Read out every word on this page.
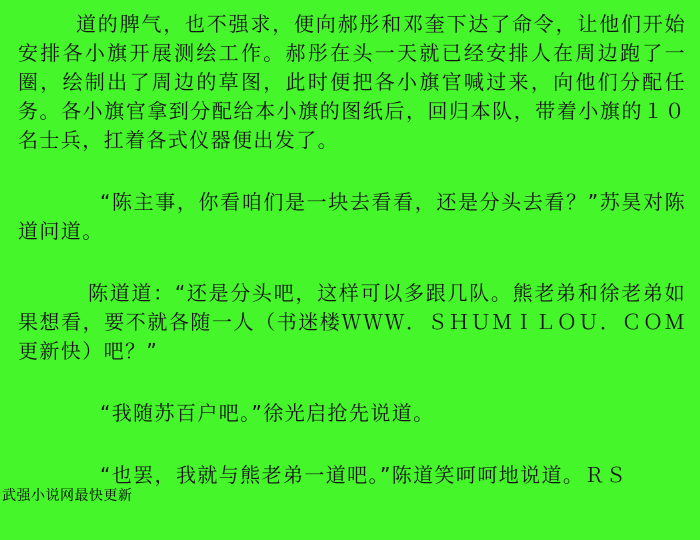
道的脾气，也不强求，便向郝彤和邓奎下达了命令，让他们开始安排各小旗开展测绘工作。郝彤在头一天就已经安排人在周边跑了一圈，绘制出了周边的草图，此时便把各小旗官喊过来，向他们分配任务。各小旗官拿到分配给本小旗的图纸后，回归本队，带着小旗的１０名士兵，扛着各式仪器便出发了。

“陈主事，你看咱们是一块去看看，还是分头去看？”苏昊对陈道问道。

陈道道：“还是分头吧，这样可以多跟几队。熊老弟和徐老弟如果想看，要不就各随一人（书迷楼ＷＷＷ．ＳＨＵＭＩＬＯＵ．ＣＯＭ更新快）吧？”

“我随苏百户吧。”徐光启抢先说道。

“也罢，我就与熊老弟一道吧。”陈道笑呵呵地说道。ＲＳ

武强小说网最快更新
